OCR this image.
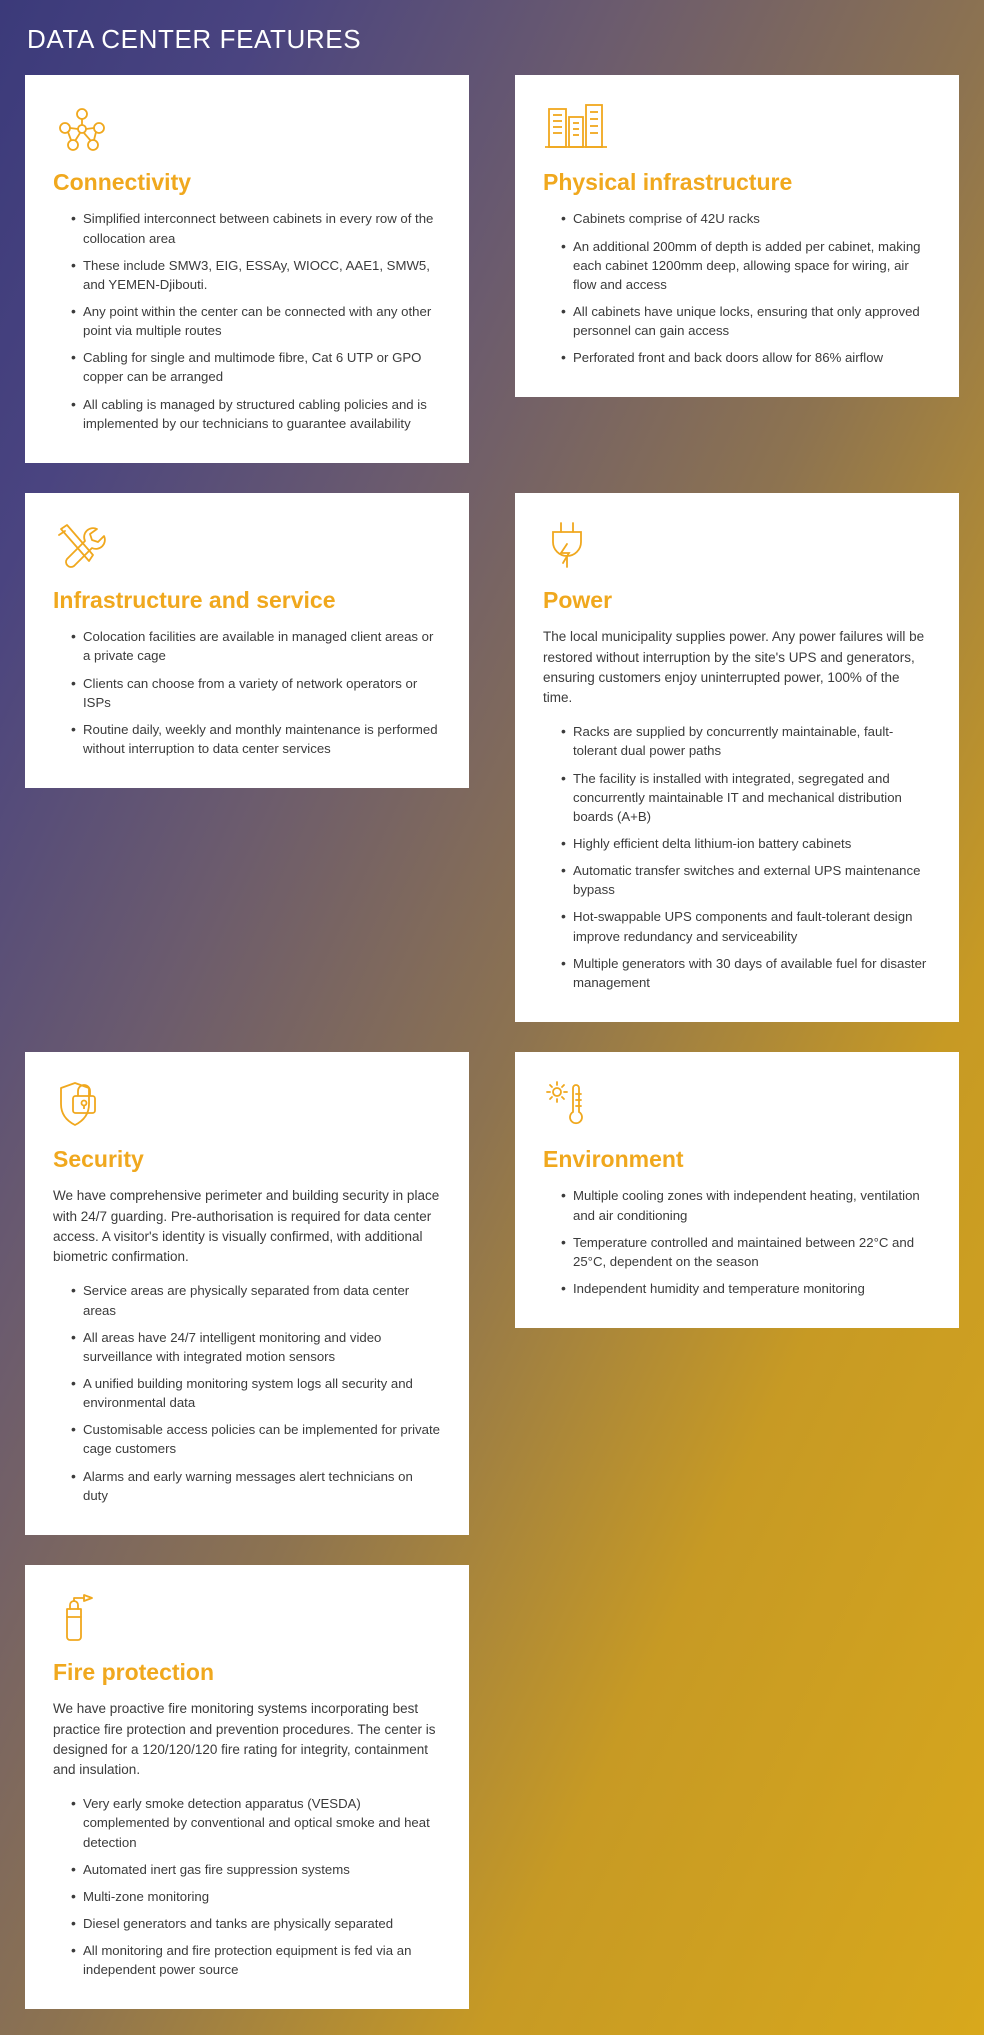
DATA CENTER FEATURES
Connectivity
• Simplified interconnect between cabinets in every row of the collocation area
• These include SMW3, EIG, ESSAy, WIOCC, AAE1, SMW5, and YEMEN-Djibouti.
• Any point within the center can be connected with any other point via multiple routes
• Cabling for single and multimode fibre, Cat 6 UTP or GPO copper can be arranged
• All cabling is managed by structured cabling policies and is implemented by our technicians to guarantee availability
Physical infrastructure
• Cabinets comprise of 42U racks
• An additional 200mm of depth is added per cabinet, making each cabinet 1200mm deep, allowing space for wiring, air flow and access
• All cabinets have unique locks, ensuring that only approved personnel can gain access
• Perforated front and back doors allow for 86% airflow
Infrastructure and service
• Colocation facilities are available in managed client areas or a private cage
• Clients can choose from a variety of network operators or ISPs
• Routine daily, weekly and monthly maintenance is performed without interruption to data center services
Power

The local municipality supplies power. Any power failures will be restored without interruption by the site's UPS and generators, ensuring customers enjoy uninterrupted power, 100% of the time.

• Racks are supplied by concurrently maintainable, fault-tolerant dual power paths
• The facility is installed with integrated, segregated and concurrently maintainable IT and mechanical distribution boards (A+B)
• Highly efficient delta lithium-ion battery cabinets
• Automatic transfer switches and external UPS maintenance bypass
• Hot-swappable UPS components and fault-tolerant design improve redundancy and serviceability
• Multiple generators with 30 days of available fuel for disaster management
Security

We have comprehensive perimeter and building security in place with 24/7 guarding. Pre-authorisation is required for data center access. A visitor's identity is visually confirmed, with additional biometric confirmation.

• Service areas are physically separated from data center areas
• All areas have 24/7 intelligent monitoring and video surveillance with integrated motion sensors
• A unified building monitoring system logs all security and environmental data
• Customisable access policies can be implemented for private cage customers
• Alarms and early warning messages alert technicians on duty
Environment
• Multiple cooling zones with independent heating, ventilation and air conditioning
• Temperature controlled and maintained between 22°C and 25°C, dependent on the season
• Independent humidity and temperature monitoring
Fire protection

We have proactive fire monitoring systems incorporating best practice fire protection and prevention procedures. The center is designed for a 120/120/120 fire rating for integrity, containment and insulation.

• Very early smoke detection apparatus (VESDA) complemented by conventional and optical smoke and heat detection
• Automated inert gas fire suppression systems
• Multi-zone monitoring
• Diesel generators and tanks are physically separated
• All monitoring and fire protection equipment is fed via an independent power source
